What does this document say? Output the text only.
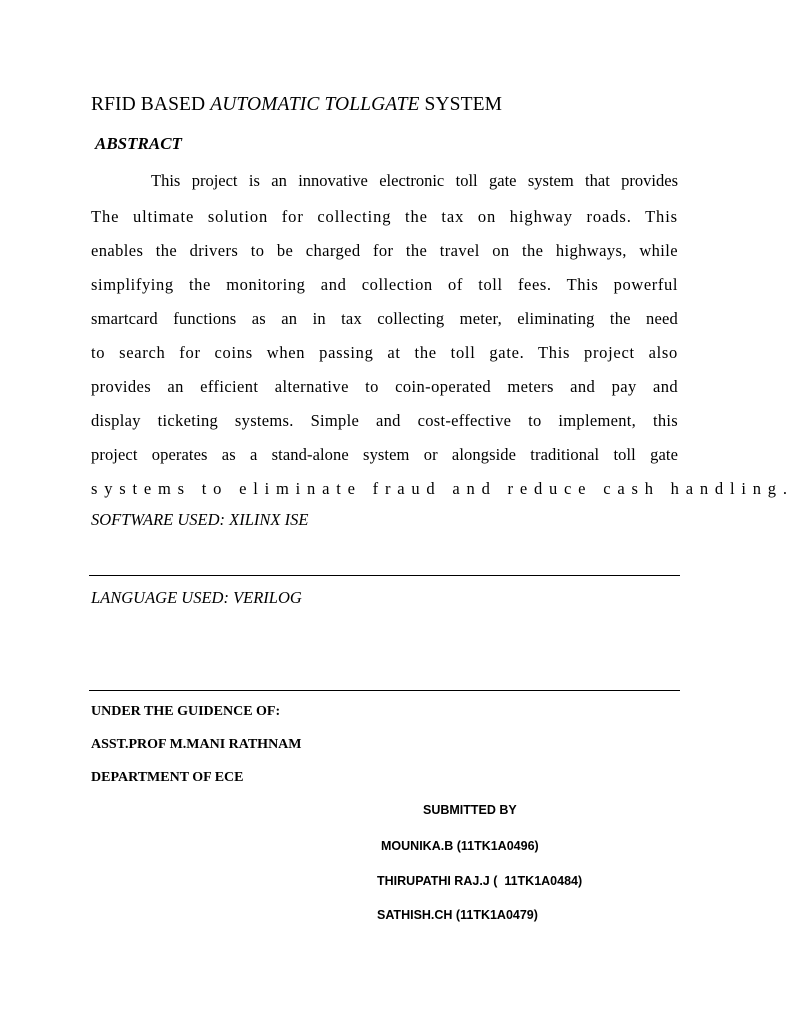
RFID BASED AUTOMATIC TOLLGATE SYSTEM
ABSTRACT
This project is an innovative electronic toll gate system that provides
The ultimate solution for collecting the tax on highway roads. This
enables the drivers to be charged for the travel on the highways, while
simplifying the monitoring and collection of toll fees. This powerful
smartcard functions as an in tax collecting meter, eliminating the need
to search for coins when passing at the toll gate. This project also
provides an efficient alternative to coin-operated meters and pay and
display ticketing systems. Simple and cost-effective to implement, this
project operates as a stand-alone system or alongside traditional toll gate
systems to eliminate fraud and reduce cash handling.
SOFTWARE USED: XILINX ISE
LANGUAGE USED: VERILOG
UNDER THE GUIDENCE OF:
ASST.PROF M.MANI RATHNAM
DEPARTMENT OF ECE
SUBMITTED BY
MOUNIKA.B (11TK1A0496)
THIRUPATHI RAJ.J (  11TK1A0484)
SATHISH.CH (11TK1A0479)
